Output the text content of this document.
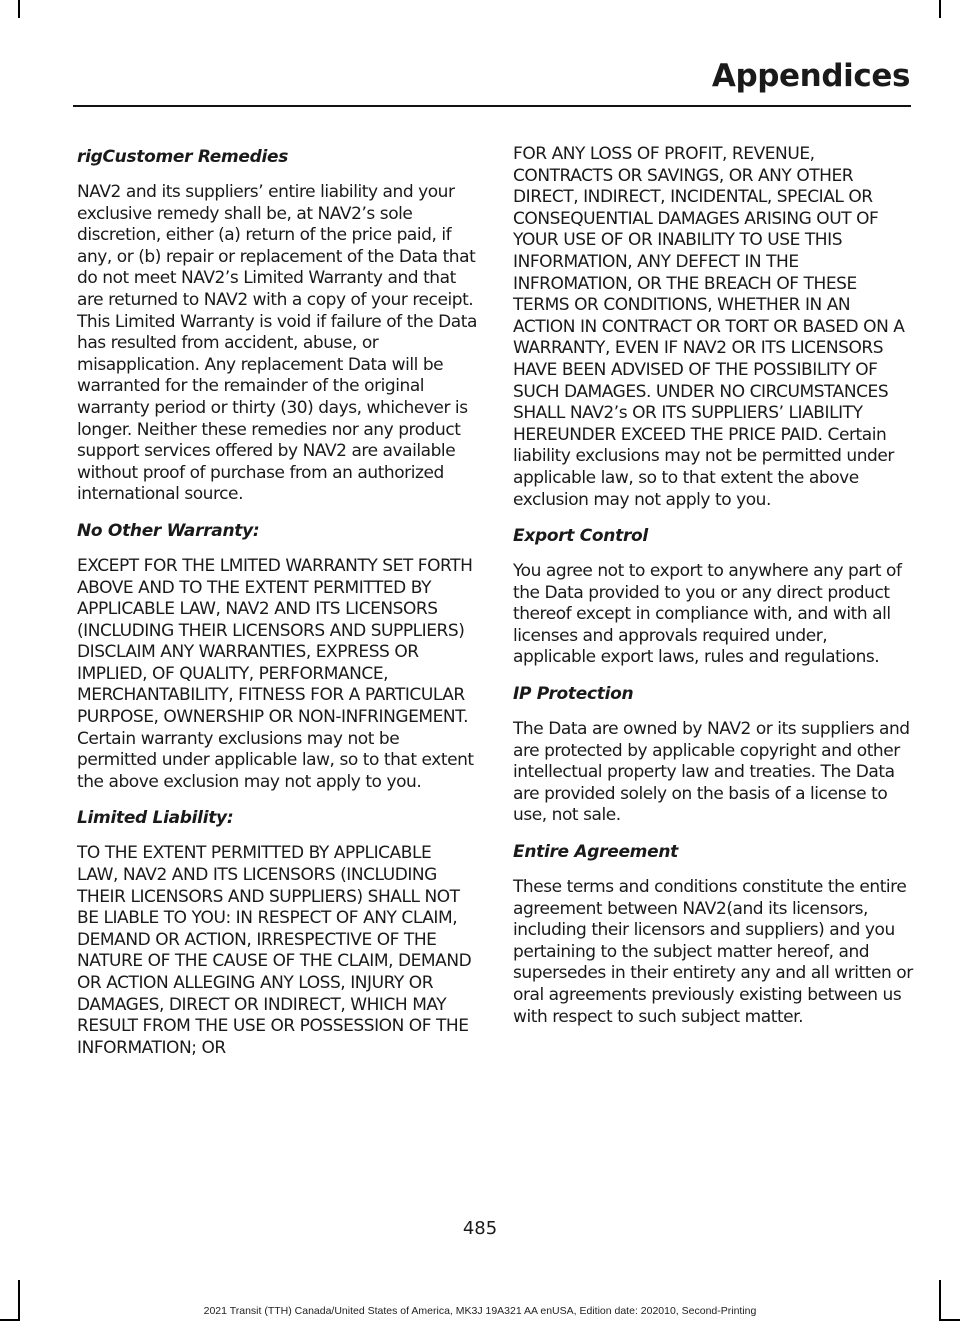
Appendices
rigCustomer Remedies

NAV2 and its suppliers’ entire liability and your exclusive remedy shall be, at NAV2’s sole discretion, either (a) return of the price paid, if any, or (b) repair or replacement of the Data that do not meet NAV2’s Limited Warranty and that are returned to NAV2 with a copy of your receipt. This Limited Warranty is void if failure of the Data has resulted from accident, abuse, or misapplication. Any replacement Data will be warranted for the remainder of the original warranty period or thirty (30) days, whichever is longer. Neither these remedies nor any product support services offered by NAV2 are available without proof of purchase from an authorized international source.

No Other Warranty:

EXCEPT FOR THE LMITED WARRANTY SET FORTH ABOVE AND TO THE EXTENT PERMITTED BY APPLICABLE LAW, NAV2 AND ITS LICENSORS (INCLUDING THEIR LICENSORS AND SUPPLIERS) DISCLAIM ANY WARRANTIES, EXPRESS OR IMPLIED, OF QUALITY, PERFORMANCE, MERCHANTABILITY, FITNESS FOR A PARTICULAR PURPOSE, OWNERSHIP OR NON-INFRINGEMENT. Certain warranty exclusions may not be permitted under applicable law, so to that extent the above exclusion may not apply to you.

Limited Liability:

TO THE EXTENT PERMITTED BY APPLICABLE LAW, NAV2 AND ITS LICENSORS (INCLUDING THEIR LICENSORS AND SUPPLIERS) SHALL NOT BE LIABLE TO YOU: IN RESPECT OF ANY CLAIM, DEMAND OR ACTION, IRRESPECTIVE OF THE NATURE OF THE CAUSE OF THE CLAIM, DEMAND OR ACTION ALLEGING ANY LOSS, INJURY OR DAMAGES, DIRECT OR INDIRECT, WHICH MAY RESULT FROM THE USE OR POSSESSION OF THE INFORMATION; OR

FOR ANY LOSS OF PROFIT, REVENUE, CONTRACTS OR SAVINGS, OR ANY OTHER DIRECT, INDIRECT, INCIDENTAL, SPECIAL OR CONSEQUENTIAL DAMAGES ARISING OUT OF YOUR USE OF OR INABILITY TO USE THIS INFORMATION, ANY DEFECT IN THE INFROMATION, OR THE BREACH OF THESE TERMS OR CONDITIONS, WHETHER IN AN ACTION IN CONTRACT OR TORT OR BASED ON A WARRANTY, EVEN IF NAV2 OR ITS LICENSORS HAVE BEEN ADVISED OF THE POSSIBILITY OF SUCH DAMAGES. UNDER NO CIRCUMSTANCES SHALL NAV2’s OR ITS SUPPLIERS’ LIABILITY HEREUNDER EXCEED THE PRICE PAID. Certain liability exclusions may not be permitted under applicable law, so to that extent the above exclusion may not apply to you.

Export Control

You agree not to export to anywhere any part of the Data provided to you or any direct product thereof except in compliance with, and with all licenses and approvals required under, applicable export laws, rules and regulations.

IP Protection

The Data are owned by NAV2 or its suppliers and are protected by applicable copyright and other intellectual property law and treaties. The Data are provided solely on the basis of a license to use, not sale.

Entire Agreement

These terms and conditions constitute the entire agreement between NAV2(and its licensors, including their licensors and suppliers) and you pertaining to the subject matter hereof, and supersedes in their entirety any and all written or oral agreements previously existing between us with respect to such subject matter.

485
2021 Transit (TTH) Canada/United States of America, MK3J 19A321 AA enUSA, Edition date: 202010, Second-Printing
